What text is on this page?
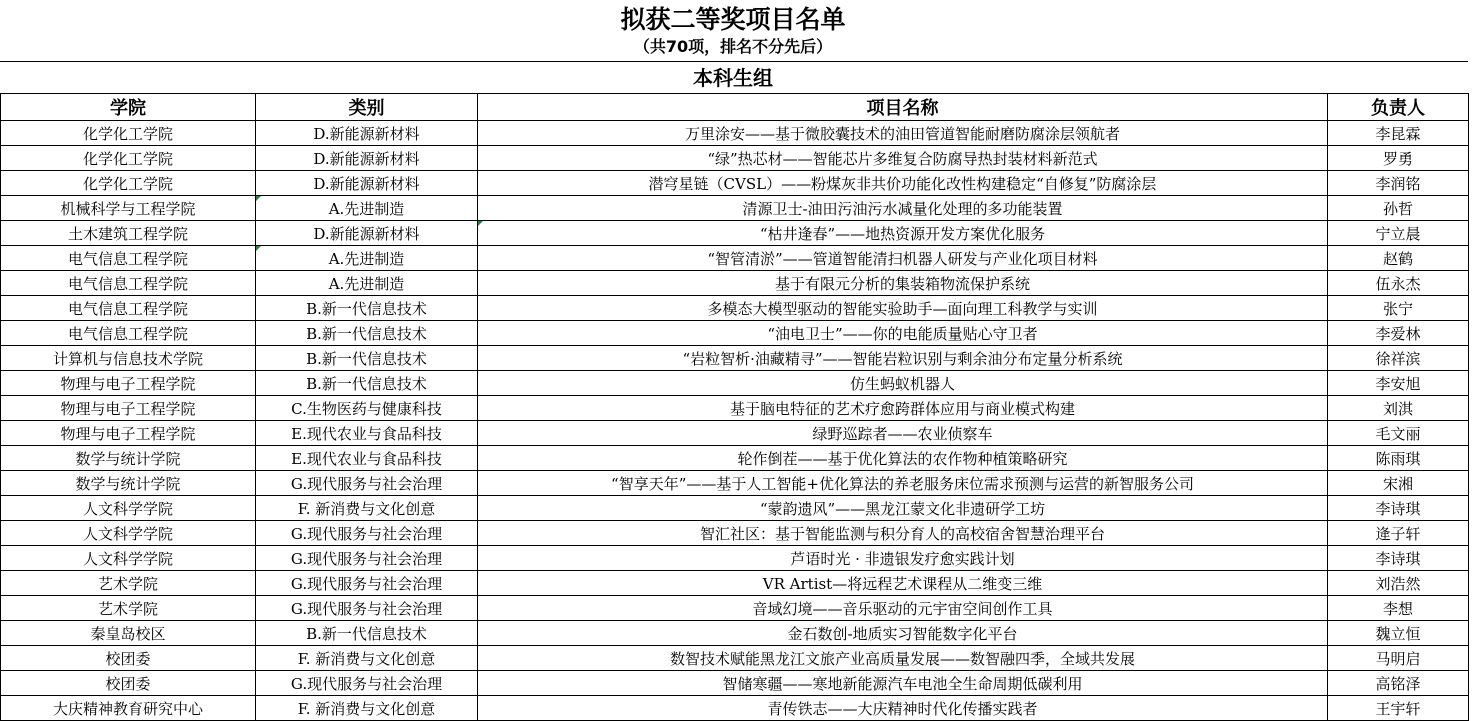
拟获二等奖项目名单
（共70项，排名不分先后）
本科生组
学院	类别	项目名称	负责人
化学化工学院	D.新能源新材料	万里涂安——基于微胶囊技术的油田管道智能耐磨防腐涂层领航者	李昆霖
化学化工学院	D.新能源新材料	“绿”热芯材——智能芯片多维复合防腐导热封装材料新范式	罗勇
化学化工学院	D.新能源新材料	潜穹星链（CVSL）——粉煤灰非共价功能化改性构建稳定“自修复”防腐涂层	李润铭
机械科学与工程学院	A.先进制造	清源卫士-油田污油污水减量化处理的多功能装置	孙哲
土木建筑工程学院	D.新能源新材料	“枯井逢春”——地热资源开发方案优化服务	宁立晨
电气信息工程学院	A.先进制造	“智管清淤”——管道智能清扫机器人研发与产业化项目材料	赵鹤
电气信息工程学院	A.先进制造	基于有限元分析的集装箱物流保护系统	伍永杰
电气信息工程学院	B.新一代信息技术	多模态大模型驱动的智能实验助手—面向理工科教学与实训	张宁
电气信息工程学院	B.新一代信息技术	“油电卫士”——你的电能质量贴心守卫者	李爱林
计算机与信息技术学院	B.新一代信息技术	“岩粒智析·油藏精寻”——智能岩粒识别与剩余油分布定量分析系统	徐祥滨
物理与电子工程学院	B.新一代信息技术	仿生蚂蚁机器人	李安旭
物理与电子工程学院	C.生物医药与健康科技	基于脑电特征的艺术疗愈跨群体应用与商业模式构建	刘淇
物理与电子工程学院	E.现代农业与食品科技	绿野巡踪者——农业侦察车	毛文丽
数学与统计学院	E.现代农业与食品科技	轮作倒茬——基于优化算法的农作物种植策略研究	陈雨琪
数学与统计学院	G.现代服务与社会治理	“智享天年”——基于人工智能+优化算法的养老服务床位需求预测与运营的新智服务公司	宋湘
人文科学学院	F. 新消费与文化创意	“蒙韵遗风”——黑龙江蒙文化非遗研学工坊	李诗琪
人文科学学院	G.现代服务与社会治理	智汇社区：基于智能监测与积分育人的高校宿舍智慧治理平台	逄子轩
人文科学学院	G.现代服务与社会治理	芦语时光 · 非遗银发疗愈实践计划	李诗琪
艺术学院	G.现代服务与社会治理	VR Artist—将远程艺术课程从二维变三维	刘浩然
艺术学院	G.现代服务与社会治理	音域幻境——音乐驱动的元宇宙空间创作工具	李想
秦皇岛校区	B.新一代信息技术	金石数创-地质实习智能数字化平台	魏立恒
校团委	F. 新消费与文化创意	数智技术赋能黑龙江文旅产业高质量发展——数智融四季，全域共发展	马明启
校团委	G.现代服务与社会治理	智储寒疆——寒地新能源汽车电池全生命周期低碳利用	高铭泽
大庆精神教育研究中心	F. 新消费与文化创意	青传铁志——大庆精神时代化传播实践者	王宇轩
